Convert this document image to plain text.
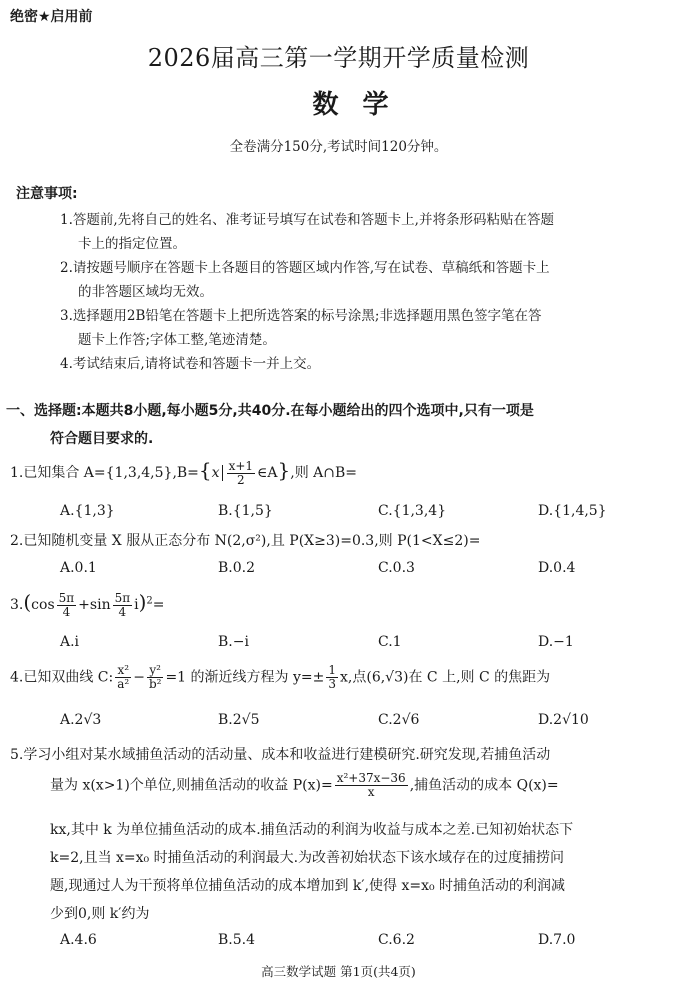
绝密★启用前
2026届高三第一学期开学质量检测
数学
全卷满分150分,考试时间120分钟。
注意事项:
1.答题前,先将自己的姓名、准考证号填写在试卷和答题卡上,并将条形码粘贴在答题
卡上的指定位置。
2.请按题号顺序在答题卡上各题目的答题区域内作答,写在试卷、草稿纸和答题卡上
的非答题区域均无效。
3.选择题用2B铅笔在答题卡上把所选答案的标号涂黑;非选择题用黑色签字笔在答
题卡上作答;字体工整,笔迹清楚。
4.考试结束后,请将试卷和答题卡一并上交。
一、选择题:本题共8小题,每小题5分,共40分.在每小题给出的四个选项中,只有一项是
符合题目要求的.
1.已知集合 $A=\{1,3,4,5\},B=\{x \frac{x+1}{2}$ ∈A},则 A∩B=
A.{1,3}	B.{1,5}	C.{1,3,4}	D.{1,4,5}
2.已知随机变量 X 服从正态分布 N(2,σ²),且 P(X≥3)=0.3,则 P(1<X≤2)=
A.0.1	B.0.2	C.0.3	D.0.4
$3.(\cos \frac{5\pi}{4} +\sin \frac{5\pi}{4} i)^2=$
A.i	B.−i	C.1	D.−1
4.已知双曲线 C: $\frac{\text{x²}}{\text{a²}} - \frac{\text{y²}}{\text{b²}} =1$ 的渐近线方程为 $y=\pm \frac{1}{3} x$,点(6,√3)在 C 上,则 C 的焦距为
A.2√3	B.2√5	C.2√6	D.2√10
5.学习小组对某水域捕鱼活动的活动量、成本和收益进行建模研究.研究发现,若捕鱼活动
量为 x(x>1)个单位,则捕鱼活动的收益 $P(x)= \frac{\text{x²+37x−36}}{x}$ ,捕鱼活动的成本 Q(x)=
kx,其中 k 为单位捕鱼活动的成本.捕鱼活动的利润为收益与成本之差.已知初始状态下
k=2,且当 x=x₀ 时捕鱼活动的利润最大.为改善初始状态下该水域存在的过度捕捞问
题,现通过人为干预将单位捕鱼活动的成本增加到 k′,使得 x=x₀ 时捕鱼活动的利润减
少到0,则 k′约为
A.4.6	B.5.4	C.6.2	D.7.0
高三数学试题 第1页(共4页)
